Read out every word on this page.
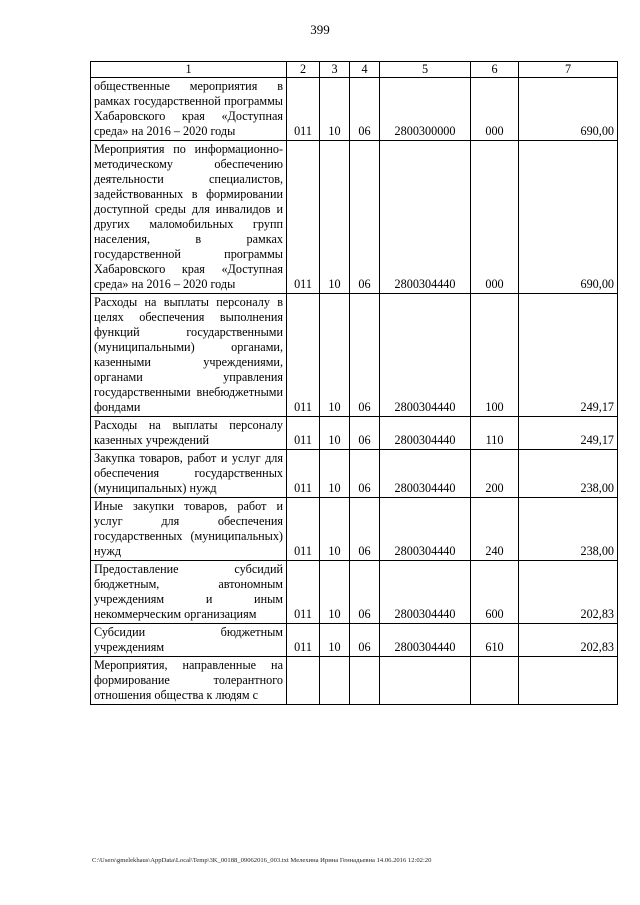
399
1	2	3	4	5	6	7
общественные мероприятия в рамках государственной программы Хабаровского края «Доступная среда» на 2016 – 2020 годы	011	10	06	2800300000	000	690,00
Мероприятия по информационно-методическому обеспечению деятельности специалистов, задействованных в формировании доступной среды для инвалидов и других маломобильных групп населения, в рамках государственной программы Хабаровского края «Доступная среда» на 2016 – 2020 годы	011	10	06	2800304440	000	690,00
Расходы на выплаты персоналу в целях обеспечения выполнения функций государственными (муниципальными) органами, казенными учреждениями, органами управления государственными внебюджетными фондами	011	10	06	2800304440	100	249,17
Расходы на выплаты персоналу казенных учреждений	011	10	06	2800304440	110	249,17
Закупка товаров, работ и услуг для обеспечения государственных (муниципальных) нужд	011	10	06	2800304440	200	238,00
Иные закупки товаров, работ и услуг для обеспечения государственных (муниципальных) нужд	011	10	06	2800304440	240	238,00
Предоставление субсидий бюджетным, автономным учреждениям и иным некоммерческим организациям	011	10	06	2800304440	600	202,83
Субсидии бюджетным учреждениям	011	10	06	2800304440	610	202,83
Мероприятия, направленные на формирование толерантного отношения общества к людям с						
C:\Users\gmelekhaus\AppData\Local\Temp\3K_00188_09062016_003.txt Мелехина Ирина Геннадьевна 14.06.2016 12:02:20
